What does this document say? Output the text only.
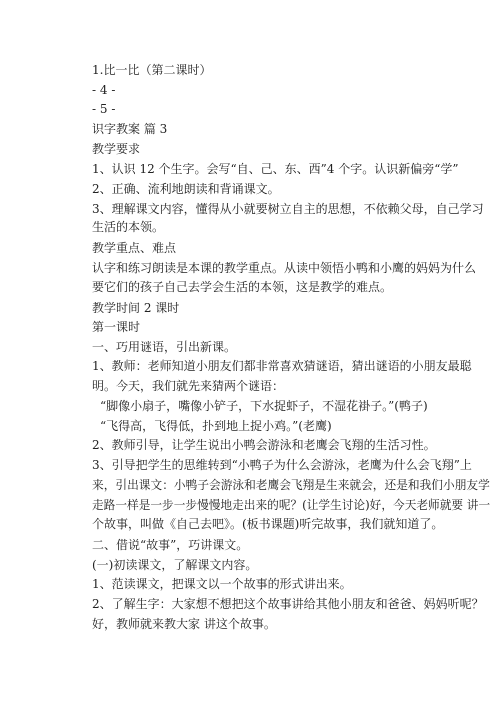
1.比一比（第二课时）
- 4 -
- 5 -
识字教案 篇 3
教学要求
1、认识 12 个生字。会写“自、己、东、西”4 个字。认识新偏旁“学”
2、正确、流利地朗读和背诵课文。
3、理解课文内容，懂得从小就要树立自主的思想，不依赖父母，自己学习
生活的本领。
教学重点、难点
认字和练习朗读是本课的教学重点。从读中领悟小鸭和小鹰的妈妈为什么
要它们的孩子自己去学会生活的本领，这是教学的难点。
教学时间 2 课时
第一课时
一、巧用谜语，引出新课。
1、教师：老师知道小朋友们都非常喜欢猜谜语，猜出谜语的小朋友最聪
明。今天，我们就先来猜两个谜语：
“脚像小扇子，嘴像小铲子，下水捉虾子，不湿花褂子。”(鸭子)
“飞得高，飞得低，扑到地上捉小鸡。”(老鹰)
2、教师引导，让学生说出小鸭会游泳和老鹰会飞翔的生活习性。
3、引导把学生的思维转到“小鸭子为什么会游泳，老鹰为什么会飞翔”上
来，引出课文：小鸭子会游泳和老鹰会飞翔是生来就会，还是和我们小朋友学
走路一样是一步一步慢慢地走出来的呢？(让学生讨论)好，今天老师就要 讲一
个故事，叫做《自己去吧》。(板书课题)听完故事，我们就知道了。
二、借说“故事”，巧讲课文。
(一)初读课文，了解课文内容。
1、范读课文，把课文以一个故事的形式讲出来。
2、了解生字：大家想不想把这个故事讲给其他小朋友和爸爸、妈妈听呢？
好，教师就来教大家 讲这个故事。
